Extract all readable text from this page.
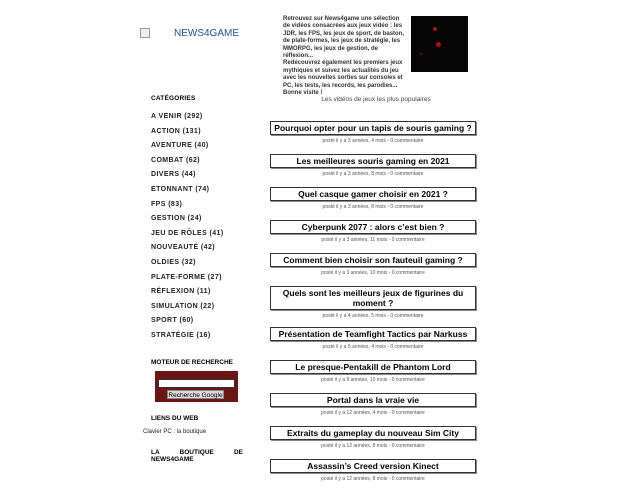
NEWS4GAME
Retrouvez sur News4game une sélection de vidéos consacrées aux jeux vidéo : les JDR, les FPS, les jeux de sport, de baston, de plate-formes, les jeux de stratégie, les MMORPG, les jeux de gestion, de réflexion...
Redécouvrez également les premiers jeux mythiques et suivez les actualités du jeu avec les nouvelles sorties sur consoles et PC, les tests, les records, les parodies... Bonne visite !
Les vidéos de jeux les plus populaires
CATÉGORIES
A VENIR (292)
ACTION (131)
AVENTURE (40)
COMBAT (62)
DIVERS (44)
ETONNANT (74)
FPS (83)
GESTION (24)
JEU DE RÔLES (41)
NOUVEAUTÉ (42)
OLDIES (32)
PLATE-FORME (27)
RÉFLEXION (11)
SIMULATION (22)
SPORT (60)
STRATÉGIE (16)
MOTEUR DE RECHERCHE
Recherche Google
LIENS DU WEB
Clavier PC : la boutique
LA BOUTIQUE DE NEWS4GAME
Pourquoi opter pour un tapis de souris gaming ?
posté il y a 3 années, 4 mois - 0 commentaire
Les meilleures souris gaming en 2021
posté il y a 3 années, 8 mois - 0 commentaire
Quel casque gamer choisir en 2021 ?
posté il y a 3 années, 8 mois - 0 commentaire
Cyberpunk 2077 : alors c’est bien ?
posté il y a 3 années, 11 mois - 0 commentaire
Comment bien choisir son fauteuil gaming ?
posté il y a 3 années, 10 mois - 0 commentaire
Quels sont les meilleurs jeux de figurines du moment ?
posté il y a 4 années, 5 mois - 0 commentaire
Présentation de Teamfight Tactics par Narkuss
posté il y a 5 années, 4 mois - 0 commentaire
Le presque-Pentakill de Phantom Lord
posté il y a 9 années, 10 mois - 0 commentaire
Portal dans la vraie vie
posté il y a 12 années, 4 mois - 0 commentaire
Extraits du gameplay du nouveau Sim City
posté il y a 12 années, 8 mois - 0 commentaire
Assassin’s Creed version Kinect
posté il y a 12 années, 8 mois - 0 commentaire
